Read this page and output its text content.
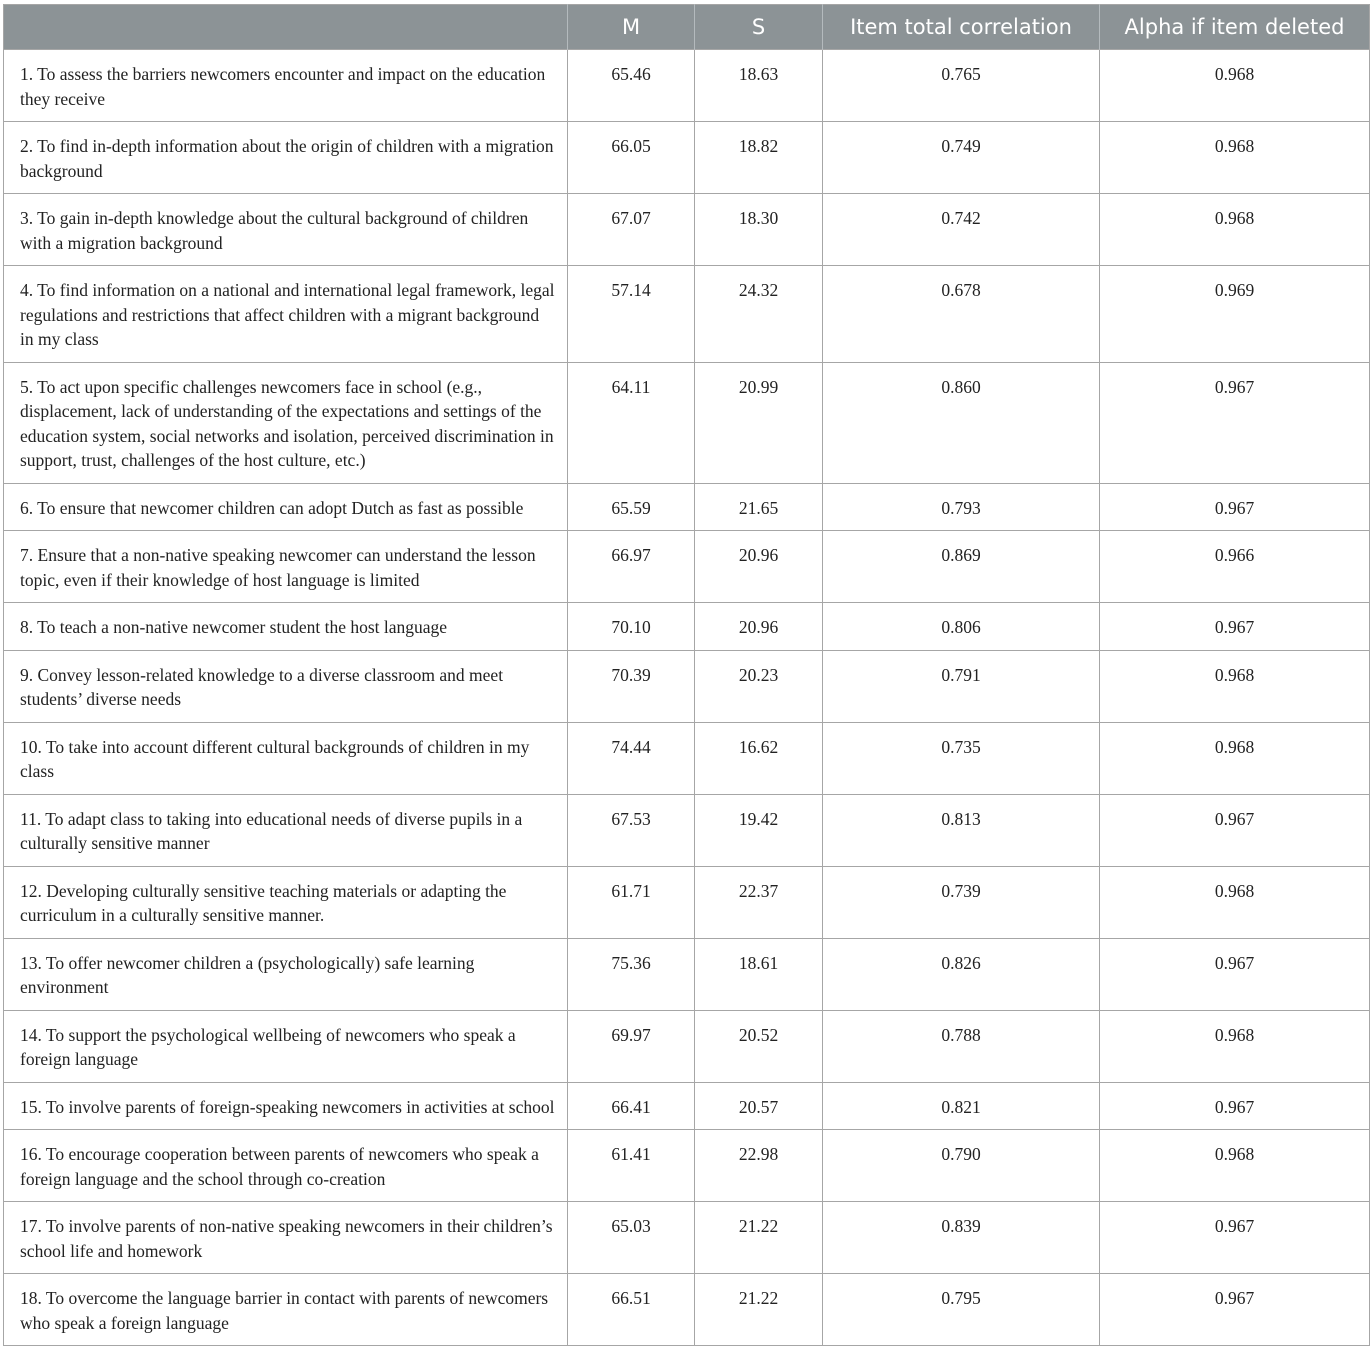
	M	S	Item total correlation	Alpha if item deleted
1. To assess the barriers newcomers encounter and impact on the education they receive	65.46	18.63	0.765	0.968
2. To find in-depth information about the origin of children with a migration background	66.05	18.82	0.749	0.968
3. To gain in-depth knowledge about the cultural background of children with a migration background	67.07	18.30	0.742	0.968
4. To find information on a national and international legal framework, legal regulations and restrictions that affect children with a migrant background in my class	57.14	24.32	0.678	0.969
5. To act upon specific challenges newcomers face in school (e.g., displacement, lack of understanding of the expectations and settings of the education system, social networks and isolation, perceived discrimination in support, trust, challenges of the host culture, etc.)	64.11	20.99	0.860	0.967
6. To ensure that newcomer children can adopt Dutch as fast as possible	65.59	21.65	0.793	0.967
7. Ensure that a non-native speaking newcomer can understand the lesson topic, even if their knowledge of host language is limited	66.97	20.96	0.869	0.966
8. To teach a non-native newcomer student the host language	70.10	20.96	0.806	0.967
9. Convey lesson-related knowledge to a diverse classroom and meet students’ diverse needs	70.39	20.23	0.791	0.968
10. To take into account different cultural backgrounds of children in my class	74.44	16.62	0.735	0.968
11. To adapt class to taking into educational needs of diverse pupils in a culturally sensitive manner	67.53	19.42	0.813	0.967
12. Developing culturally sensitive teaching materials or adapting the curriculum in a culturally sensitive manner.	61.71	22.37	0.739	0.968
13. To offer newcomer children a (psychologically) safe learning environment	75.36	18.61	0.826	0.967
14. To support the psychological wellbeing of newcomers who speak a foreign language	69.97	20.52	0.788	0.968
15. To involve parents of foreign-speaking newcomers in activities at school	66.41	20.57	0.821	0.967
16. To encourage cooperation between parents of newcomers who speak a foreign language and the school through co-creation	61.41	22.98	0.790	0.968
17. To involve parents of non-native speaking newcomers in their children’s school life and homework	65.03	21.22	0.839	0.967
18. To overcome the language barrier in contact with parents of newcomers who speak a foreign language	66.51	21.22	0.795	0.967
